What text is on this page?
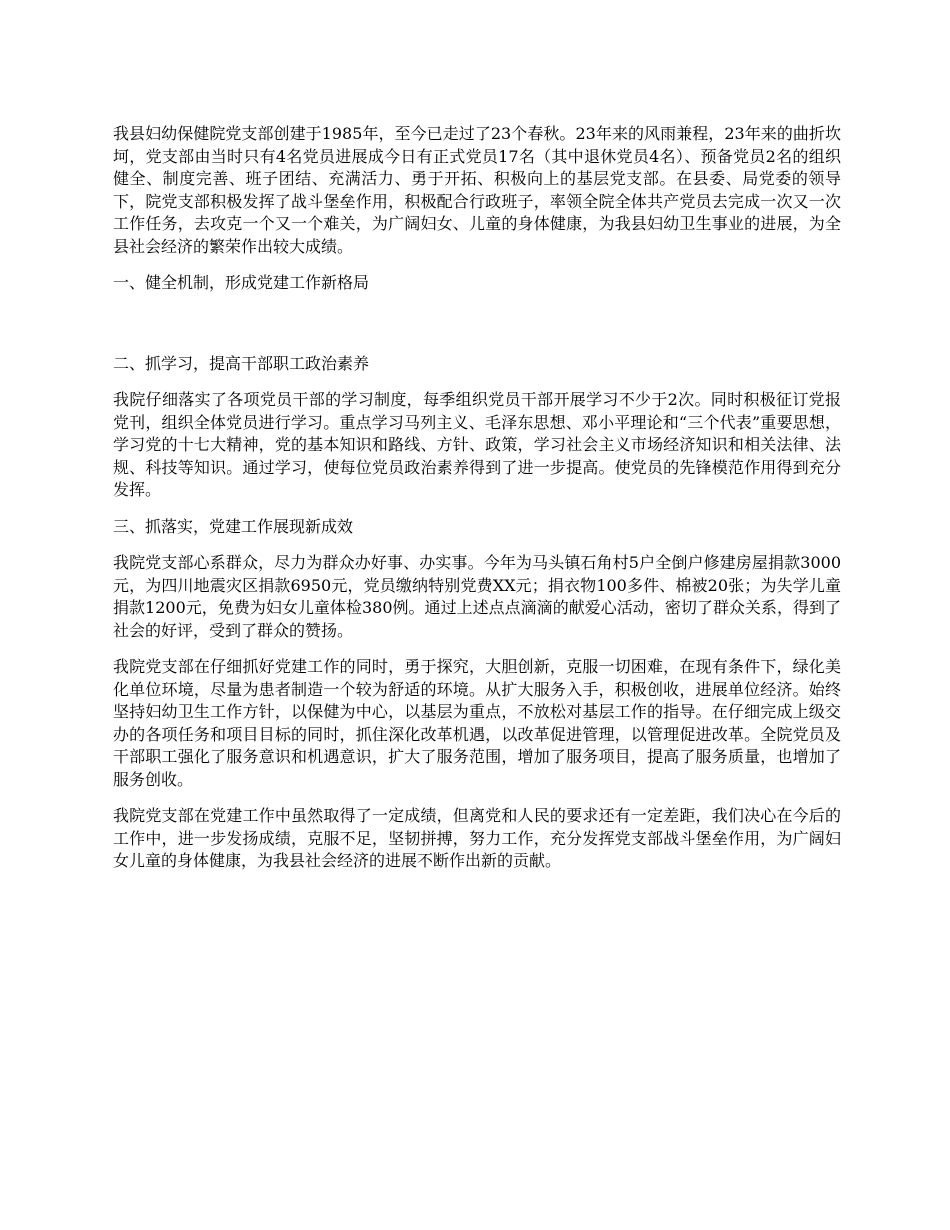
我县妇幼保健院党支部创建于1985年，至今已走过了23个春秋。23年来的风雨兼程，23年来的曲折坎坷，党支部由当时只有4名党员进展成今日有正式党员17名（其中退休党员4名）、预备党员2名的组织健全、制度完善、班子团结、充满活力、勇于开拓、积极向上的基层党支部。在县委、局党委的领导下，院党支部积极发挥了战斗堡垒作用，积极配合行政班子，率领全院全体共产党员去完成一次又一次工作任务，去攻克一个又一个难关，为广阔妇女、儿童的身体健康，为我县妇幼卫生事业的进展，为全县社会经济的繁荣作出较大成绩。

一、健全机制，形成党建工作新格局

二、抓学习，提高干部职工政治素养

我院仔细落实了各项党员干部的学习制度，每季组织党员干部开展学习不少于2次。同时积极征订党报党刊，组织全体党员进行学习。重点学习马列主义、毛泽东思想、邓小平理论和“三个代表”重要思想，学习党的十七大精神，党的基本知识和路线、方针、政策，学习社会主义市场经济知识和相关法律、法规、科技等知识。通过学习，使每位党员政治素养得到了进一步提高。使党员的先锋模范作用得到充分发挥。

三、抓落实，党建工作展现新成效

我院党支部心系群众，尽力为群众办好事、办实事。今年为马头镇石角村5户全倒户修建房屋捐款3000元，为四川地震灾区捐款6950元，党员缴纳特别党费XX元；捐衣物100多件、棉被20张；为失学儿童捐款1200元，免费为妇女儿童体检380例。通过上述点点滴滴的献爱心活动，密切了群众关系，得到了社会的好评，受到了群众的赞扬。

我院党支部在仔细抓好党建工作的同时，勇于探究，大胆创新，克服一切困难，在现有条件下，绿化美化单位环境，尽量为患者制造一个较为舒适的环境。从扩大服务入手，积极创收，进展单位经济。始终坚持妇幼卫生工作方针，以保健为中心，以基层为重点，不放松对基层工作的指导。在仔细完成上级交办的各项任务和项目目标的同时，抓住深化改革机遇，以改革促进管理，以管理促进改革。全院党员及干部职工强化了服务意识和机遇意识，扩大了服务范围，增加了服务项目，提高了服务质量，也增加了服务创收。

我院党支部在党建工作中虽然取得了一定成绩，但离党和人民的要求还有一定差距，我们决心在今后的工作中，进一步发扬成绩，克服不足，坚韧拼搏，努力工作，充分发挥党支部战斗堡垒作用，为广阔妇女儿童的身体健康，为我县社会经济的进展不断作出新的贡献。
